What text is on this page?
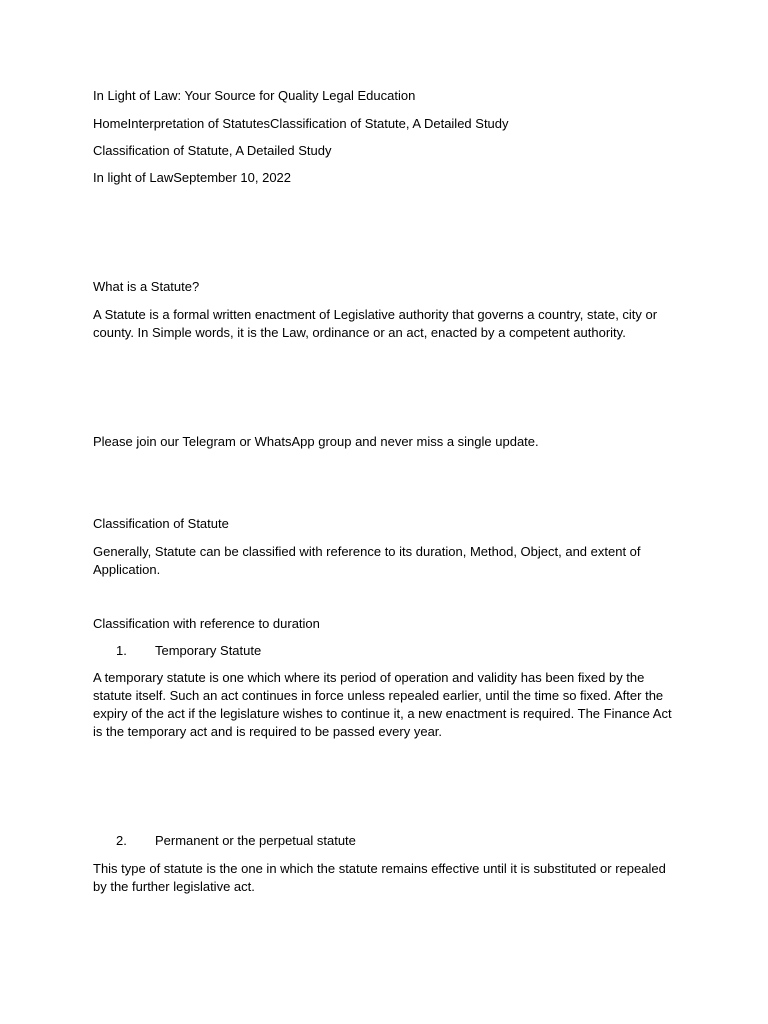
In Light of Law: Your Source for Quality Legal Education
HomeInterpretation of StatutesClassification of Statute, A Detailed Study
Classification of Statute, A Detailed Study
In light of LawSeptember 10, 2022
What is a Statute?
A Statute is a formal written enactment of Legislative authority that governs a country, state, city or county. In Simple words, it is the Law, ordinance or an act, enacted by a competent authority.
Please join our Telegram or WhatsApp group and never miss a single update.
Classification of Statute
Generally, Statute can be classified with reference to its duration, Method, Object, and extent of Application.
Classification with reference to duration
1. Temporary Statute
A temporary statute is one which where its period of operation and validity has been fixed by the statute itself. Such an act continues in force unless repealed earlier, until the time so fixed. After the expiry of the act if the legislature wishes to continue it, a new enactment is required. The Finance Act is the temporary act and is required to be passed every year.
2. Permanent or the perpetual statute
This type of statute is the one in which the statute remains effective until it is substituted or repealed by the further legislative act.
